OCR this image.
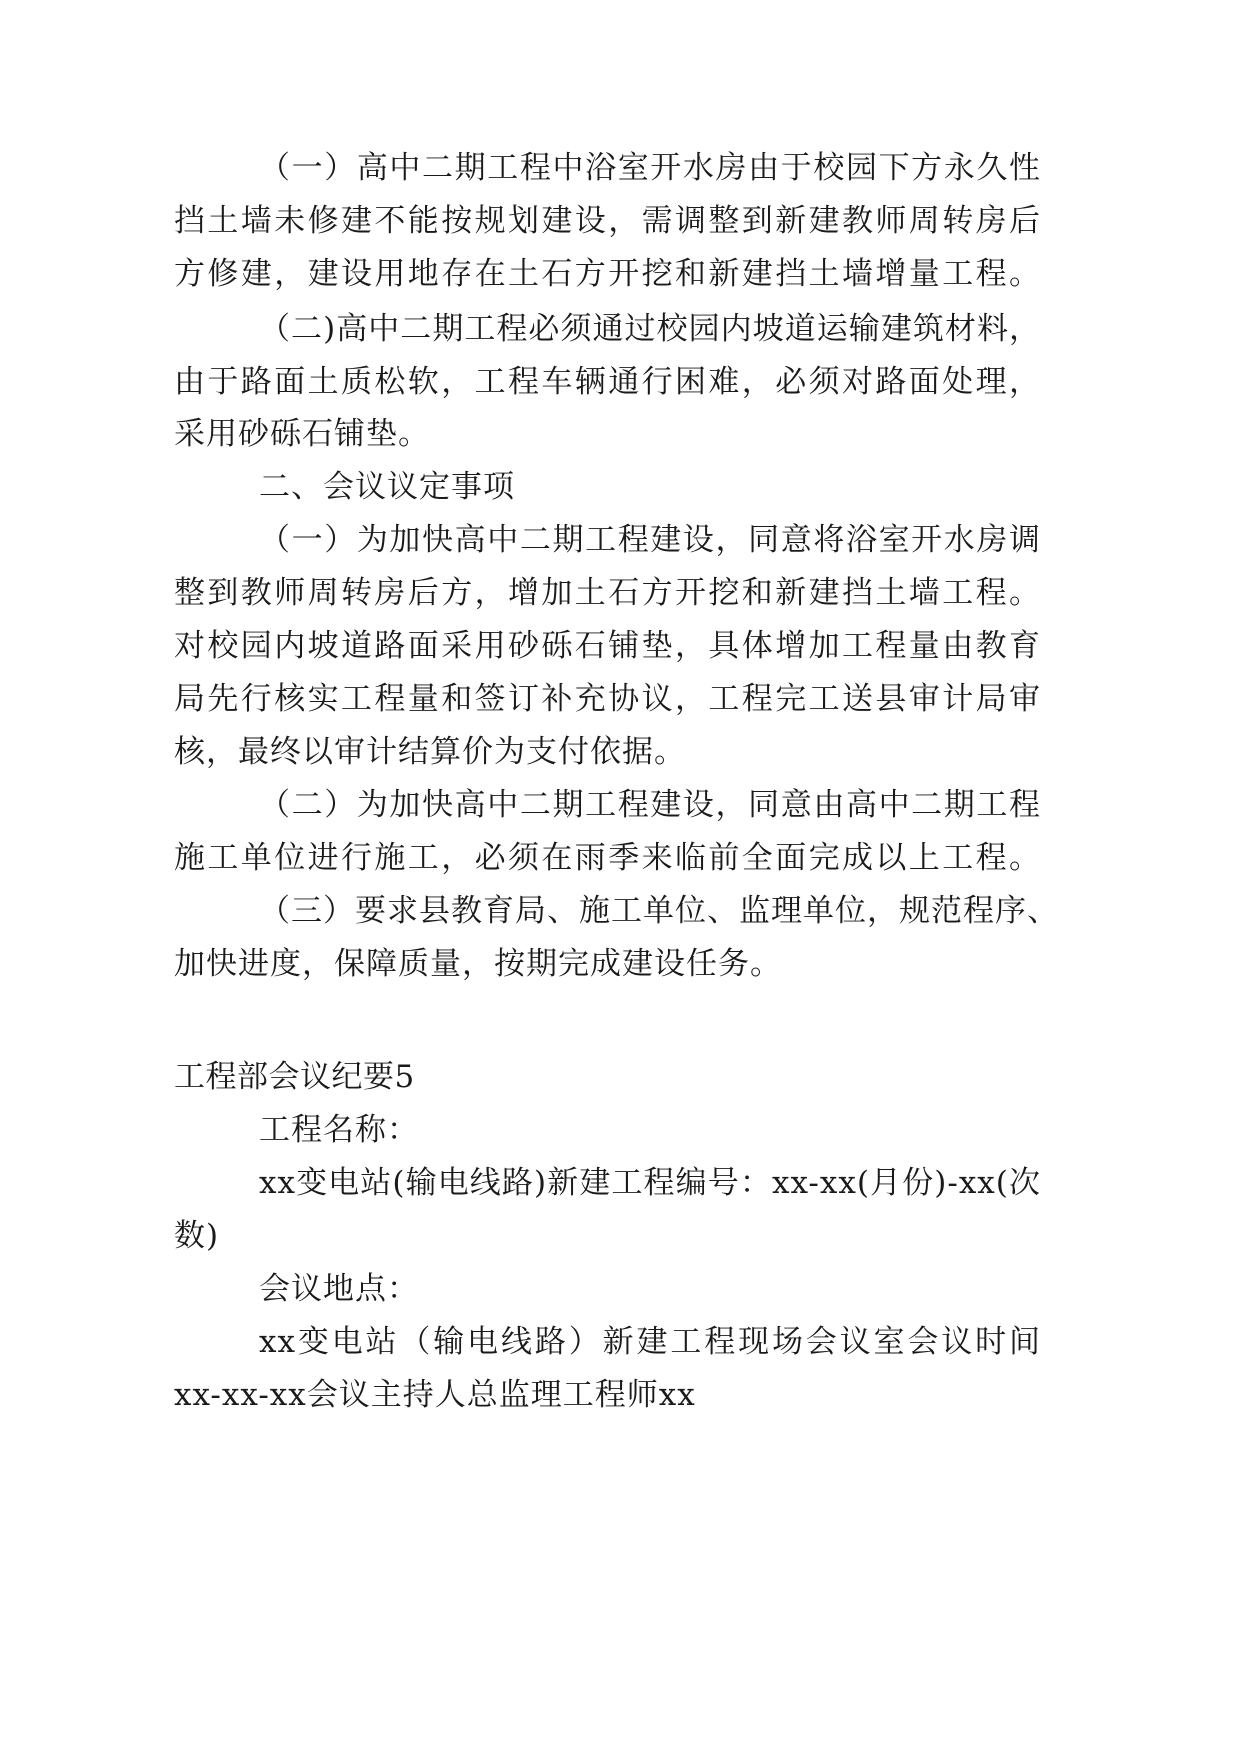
（一）高中二期工程中浴室开水房由于校园下方永久性

挡土墙未修建不能按规划建设，需调整到新建教师周转房后

方修建，建设用地存在土石方开挖和新建挡土墙增量工程。

（二)高中二期工程必须通过校园内坡道运输建筑材料，

由于路面土质松软，工程车辆通行困难，必须对路面处理，

采用砂砾石铺垫。

二、会议议定事项

（一）为加快高中二期工程建设，同意将浴室开水房调

整到教师周转房后方，增加土石方开挖和新建挡土墙工程。

对校园内坡道路面采用砂砾石铺垫，具体增加工程量由教育

局先行核实工程量和签订补充协议，工程完工送县审计局审

核，最终以审计结算价为支付依据。

（二）为加快高中二期工程建设，同意由高中二期工程

施工单位进行施工，必须在雨季来临前全面完成以上工程。

（三）要求县教育局、施工单位、监理单位，规范程序、

加快进度，保障质量，按期完成建设任务。

工程部会议纪要5

工程名称：

xx变电站(输电线路)新建工程编号：xx-xx(月份)-xx(次

数)

会议地点：

xx变电站（输电线路）新建工程现场会议室会议时间

xx-xx-xx会议主持人总监理工程师xx
